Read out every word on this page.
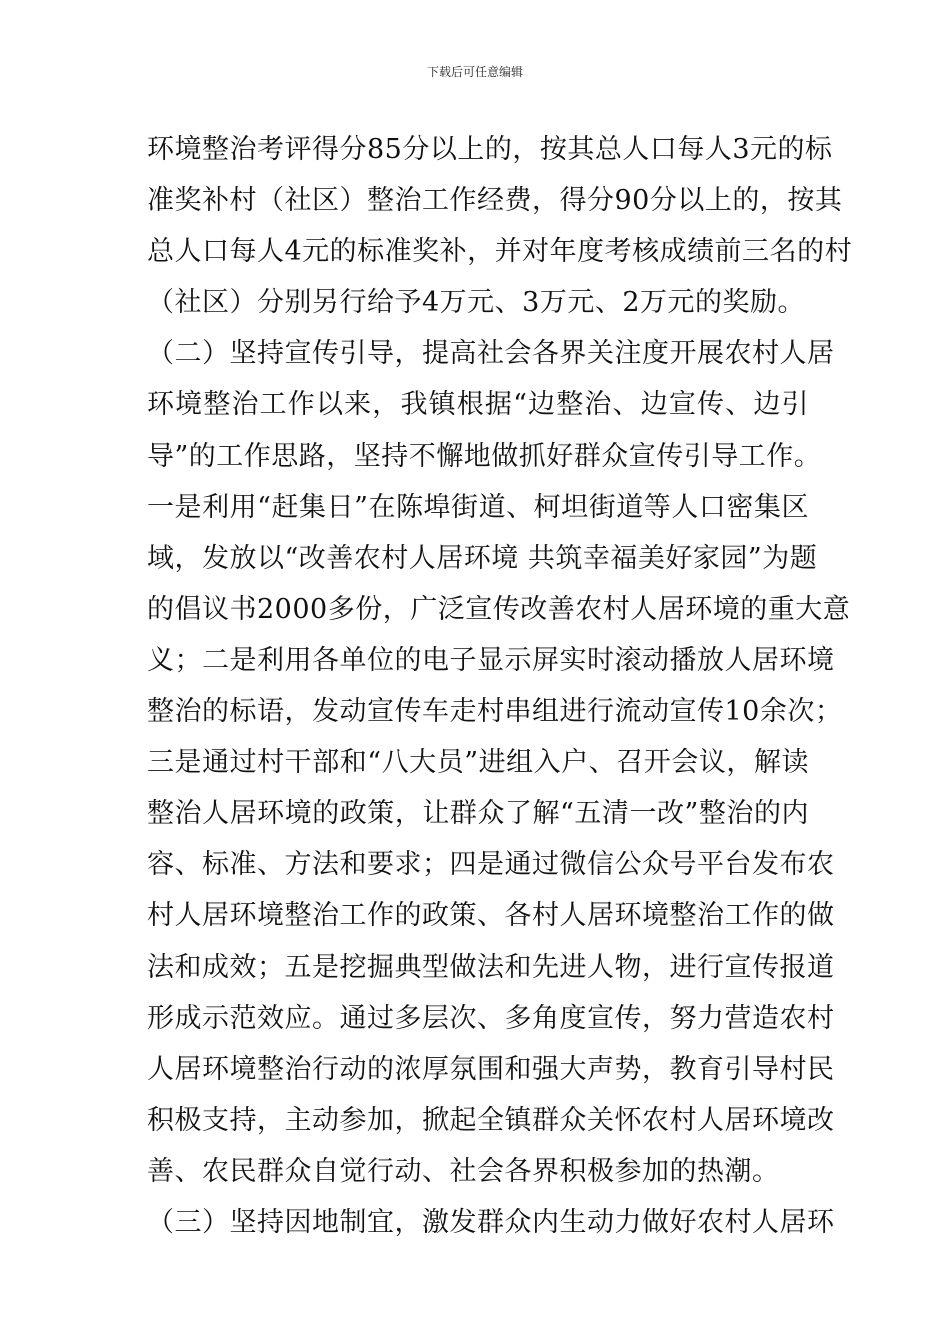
下载后可任意编辑
环境整治考评得分85分以上的，按其总人口每人3元的标
准奖补村（社区）整治工作经费，得分90分以上的，按其
总人口每人4元的标准奖补，并对年度考核成绩前三名的村
（社区）分别另行给予4万元、3万元、2万元的奖励。
（二）坚持宣传引导，提高社会各界关注度开展农村人居
环境整治工作以来，我镇根据“边整治、边宣传、边引
导”的工作思路，坚持不懈地做抓好群众宣传引导工作。
一是利用“赶集日”在陈埠街道、柯坦街道等人口密集区
域，发放以“改善农村人居环境 共筑幸福美好家园”为题
的倡议书2000多份，广泛宣传改善农村人居环境的重大意
义；二是利用各单位的电子显示屏实时滚动播放人居环境
整治的标语，发动宣传车走村串组进行流动宣传10余次；
三是通过村干部和“八大员”进组入户、召开会议，解读
整治人居环境的政策，让群众了解“五清一改”整治的内
容、标准、方法和要求；四是通过微信公众号平台发布农
村人居环境整治工作的政策、各村人居环境整治工作的做
法和成效；五是挖掘典型做法和先进人物，进行宣传报道
形成示范效应。通过多层次、多角度宣传，努力营造农村
人居环境整治行动的浓厚氛围和强大声势，教育引导村民
积极支持，主动参加，掀起全镇群众关怀农村人居环境改
善、农民群众自觉行动、社会各界积极参加的热潮。
（三）坚持因地制宜，激发群众内生动力做好农村人居环
